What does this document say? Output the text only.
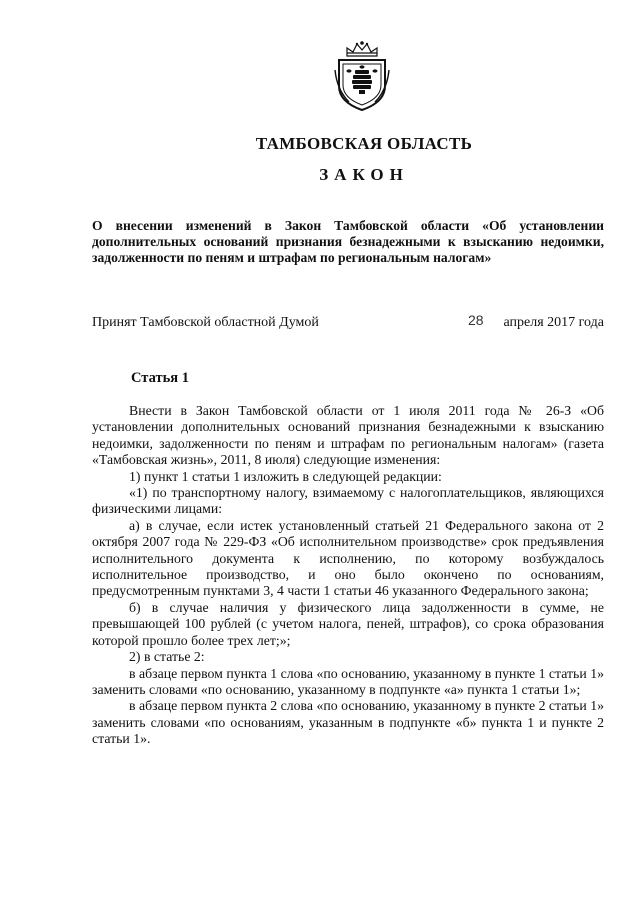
ТАМБОВСКАЯ ОБЛАСТЬ
ЗАКОН
О внесении изменений в Закон Тамбовской области «Об установлении дополнительных оснований признания безнадежными к взысканию недоимки, задолженности по пеням и штрафам по региональным налогам»
Принят Тамбовской областной Думой	28 апреля 2017 года
Статья 1

Внести в Закон Тамбовской области от 1 июля 2011 года № 26-З «Об установлении дополнительных оснований признания безнадежными к взысканию недоимки, задолженности по пеням и штрафам по региональным налогам» (газета «Тамбовская жизнь», 2011, 8 июля) следующие изменения:

1) пункт 1 статьи 1 изложить в следующей редакции:

«1) по транспортному налогу, взимаемому с налогоплательщиков, являющихся физическими лицами:

а) в случае, если истек установленный статьей 21 Федерального закона от 2 октября 2007 года № 229-ФЗ «Об исполнительном производстве» срок предъявления исполнительного документа к исполнению, по которому возбуждалось исполнительное производство, и оно было окончено по основаниям, предусмотренным пунктами 3, 4 части 1 статьи 46 указанного Федерального закона;

б) в случае наличия у физического лица задолженности в сумме, не превышающей 100 рублей (с учетом налога, пеней, штрафов), со срока образования которой прошло более трех лет;»;

2) в статье 2:

в абзаце первом пункта 1 слова «по основанию, указанному в пункте 1 статьи 1» заменить словами «по основанию, указанному в подпункте «а» пункта 1 статьи 1»;

в абзаце первом пункта 2 слова «по основанию, указанному в пункте 2 статьи 1» заменить словами «по основаниям, указанным в подпункте «б» пункта 1 и пункте 2 статьи 1».
